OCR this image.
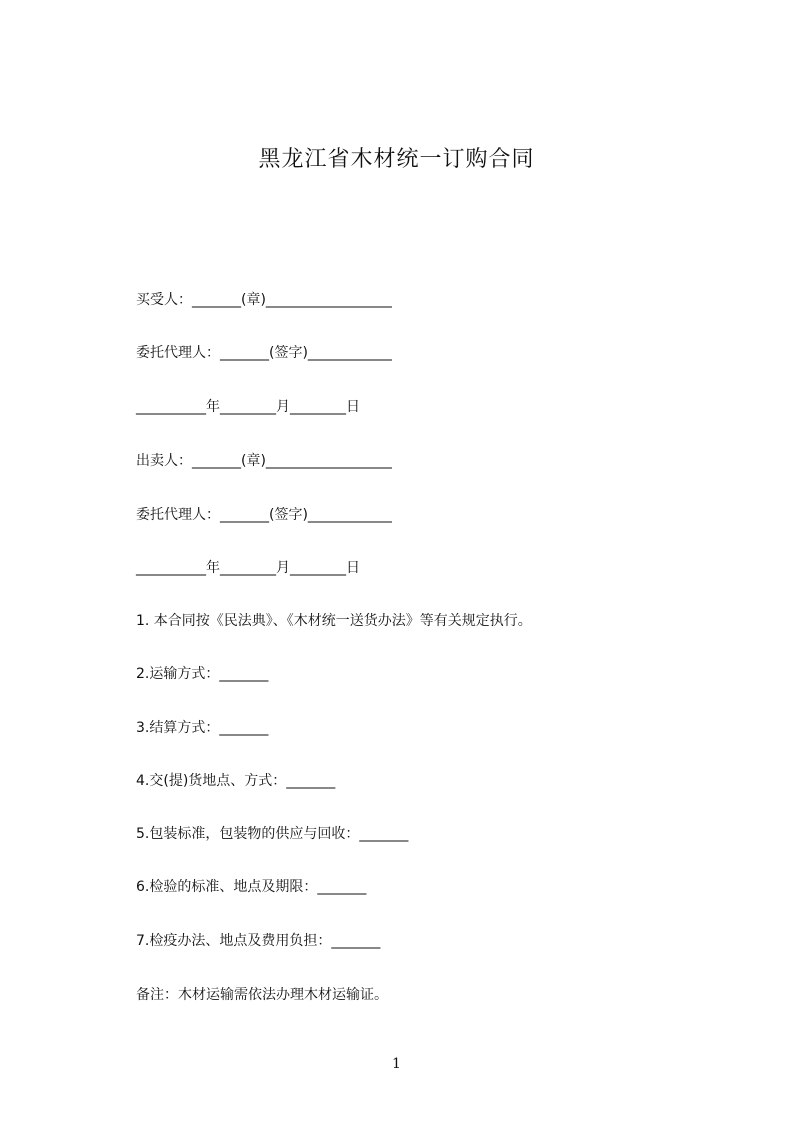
黑龙江省木材统一订购合同
买受人：_______(章)__________________
委托代理人：_______(签字)____________
__________年________月________日
出卖人：_______(章)__________________
委托代理人：_______(签字)____________
__________年________月________日
1. 本合同按《民法典》、《木材统一送货办法》等有关规定执行。
2.运输方式：_______
3.结算方式：_______
4.交(提)货地点、方式：_______
5.包装标准，包装物的供应与回收：_______
6.检验的标准、地点及期限：_______
7.检疫办法、地点及费用负担：_______
备注：木材运输需依法办理木材运输证。
1
